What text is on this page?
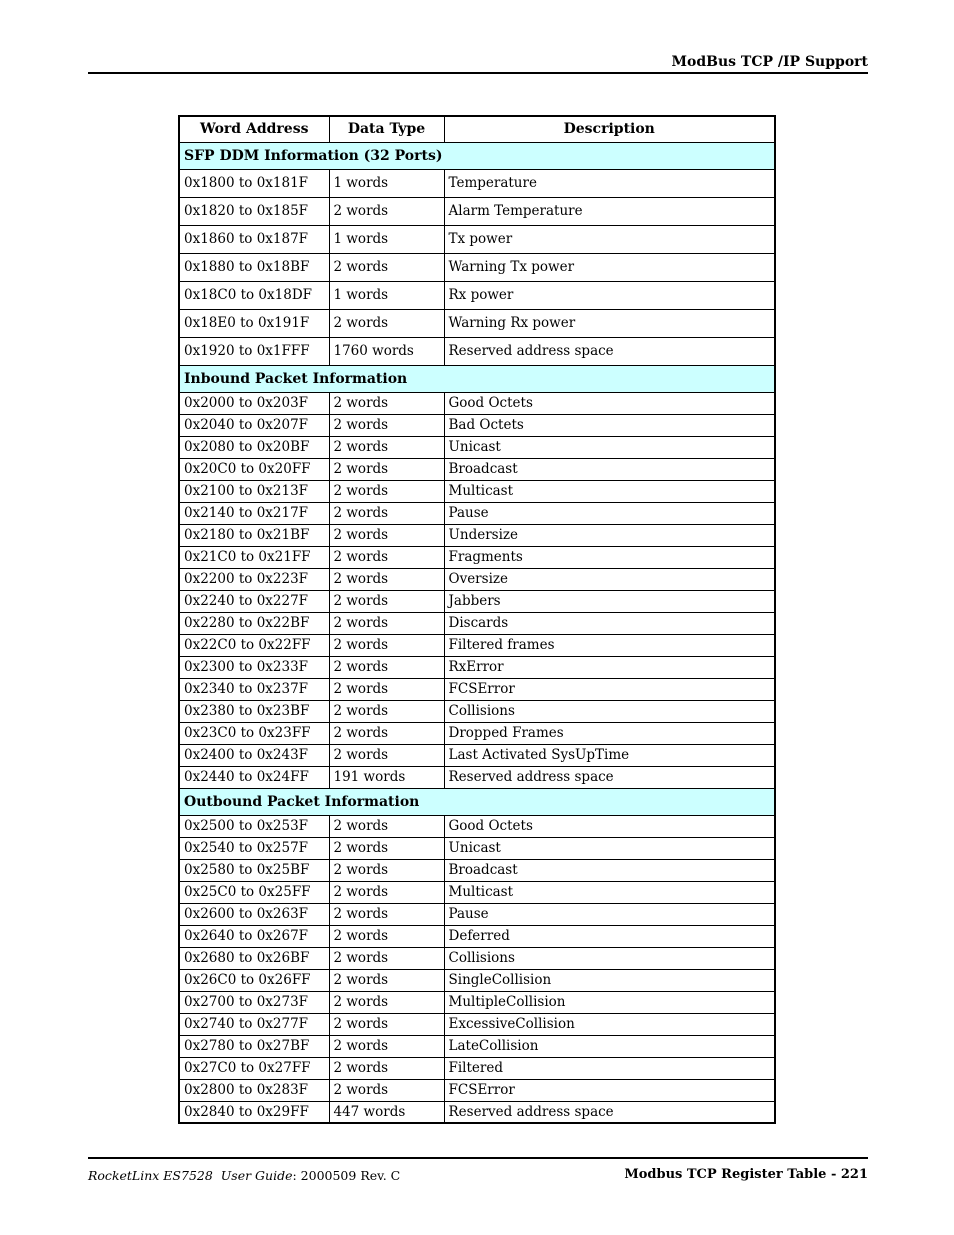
ModBus TCP /IP Support
Word Address	Data Type	Description
SFP DDM Information (32 Ports)		
0x1800 to 0x181F	1 words	Temperature
0x1820 to 0x185F	2 words	Alarm Temperature
0x1860 to 0x187F	1 words	Tx power
0x1880 to 0x18BF	2 words	Warning Tx power
0x18C0 to 0x18DF	1 words	Rx power
0x18E0 to 0x191F	2 words	Warning Rx power
0x1920 to 0x1FFF	1760 words	Reserved address space
Inbound Packet Information		
0x2000 to 0x203F	2 words	Good Octets
0x2040 to 0x207F	2 words	Bad Octets
0x2080 to 0x20BF	2 words	Unicast
0x20C0 to 0x20FF	2 words	Broadcast
0x2100 to 0x213F	2 words	Multicast
0x2140 to 0x217F	2 words	Pause
0x2180 to 0x21BF	2 words	Undersize
0x21C0 to 0x21FF	2 words	Fragments
0x2200 to 0x223F	2 words	Oversize
0x2240 to 0x227F	2 words	Jabbers
0x2280 to 0x22BF	2 words	Discards
0x22C0 to 0x22FF	2 words	Filtered frames
0x2300 to 0x233F	2 words	RxError
0x2340 to 0x237F	2 words	FCSError
0x2380 to 0x23BF	2 words	Collisions
0x23C0 to 0x23FF	2 words	Dropped Frames
0x2400 to 0x243F	2 words	Last Activated SysUpTime
0x2440 to 0x24FF	191 words	Reserved address space
Outbound Packet Information		
0x2500 to 0x253F	2 words	Good Octets
0x2540 to 0x257F	2 words	Unicast
0x2580 to 0x25BF	2 words	Broadcast
0x25C0 to 0x25FF	2 words	Multicast
0x2600 to 0x263F	2 words	Pause
0x2640 to 0x267F	2 words	Deferred
0x2680 to 0x26BF	2 words	Collisions
0x26C0 to 0x26FF	2 words	SingleCollision
0x2700 to 0x273F	2 words	MultipleCollision
0x2740 to 0x277F	2 words	ExcessiveCollision
0x2780 to 0x27BF	2 words	LateCollision
0x27C0 to 0x27FF	2 words	Filtered
0x2800 to 0x283F	2 words	FCSError
0x2840 to 0x29FF	447 words	Reserved address space
RocketLinx ES7528  User Guide: 2000509 Rev. C	Modbus TCP Register Table - 221
